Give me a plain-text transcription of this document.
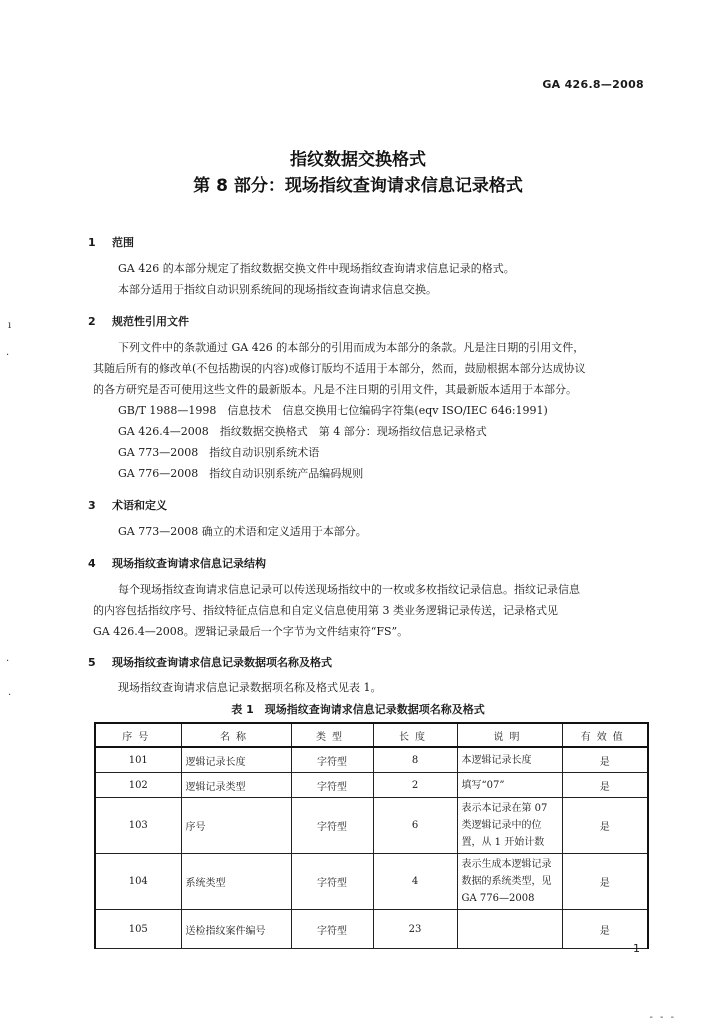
GA 426.8—2008
指纹数据交换格式
第 8 部分：现场指纹查询请求信息记录格式
1 范围
GA 426 的本部分规定了指纹数据交换文件中现场指纹查询请求信息记录的格式。
本部分适用于指纹自动识别系统间的现场指纹查询请求信息交换。
2 规范性引用文件
下列文件中的条款通过 GA 426 的本部分的引用而成为本部分的条款。凡是注日期的引用文件，
其随后所有的修改单(不包括勘误的内容)或修订版均不适用于本部分，然而，鼓励根据本部分达成协议
的各方研究是否可使用这些文件的最新版本。凡是不注日期的引用文件，其最新版本适用于本部分。
GB/T 1988—1998　信息技术　信息交换用七位编码字符集(eqv ISO/IEC 646:1991)
GA 426.4—2008　指纹数据交换格式　第 4 部分：现场指纹信息记录格式
GA 773—2008　指纹自动识别系统术语
GA 776—2008　指纹自动识别系统产品编码规则
3 术语和定义
GA 773—2008 确立的术语和定义适用于本部分。
4 现场指纹查询请求信息记录结构
每个现场指纹查询请求信息记录可以传送现场指纹中的一枚或多枚指纹记录信息。指纹记录信息
的内容包括指纹序号、指纹特征点信息和自定义信息使用第 3 类业务逻辑记录传送，记录格式见
GA 426.4—2008。逻辑记录最后一个字节为文件结束符“FS”。
5 现场指纹查询请求信息记录数据项名称及格式
现场指纹查询请求信息记录数据项名称及格式见表 1。
表 1　现场指纹查询请求信息记录数据项名称及格式
序号	名称	类型	长度	说明	有效值
101	逻辑记录长度	字符型	8	本逻辑记录长度	是
102	逻辑记录类型	字符型	2	填写“07”	是
103	序号	字符型	6	表示本记录在第 07 类逻辑记录中的位置，从 1 开始计数	是
104	系统类型	字符型	4	表示生成本逻辑记录数据的系统类型，见 GA 776—2008	是
105	送检指纹案件编号	字符型	23		是
1
ı
·
·
·
- - -
